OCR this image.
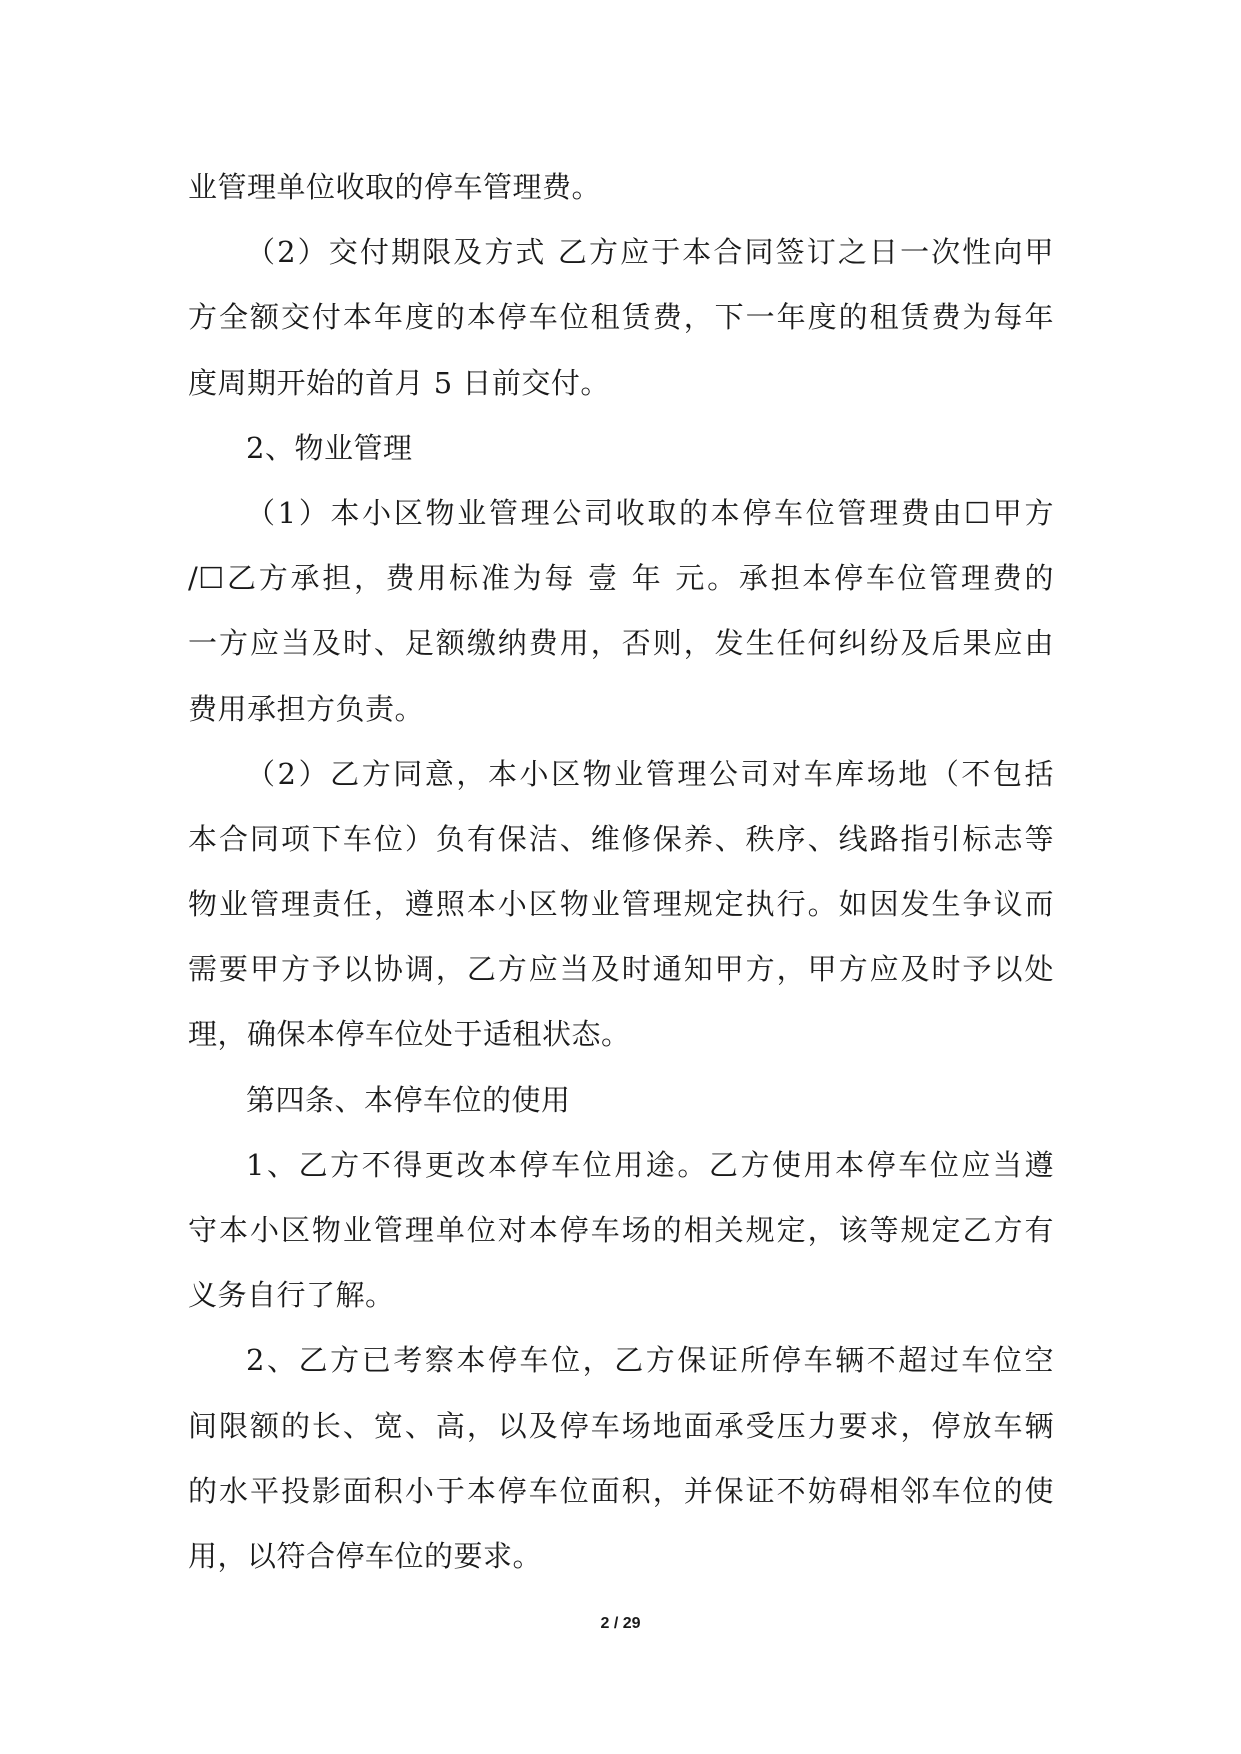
业管理单位收取的停车管理费。
（2）交付期限及方式 乙方应于本合同签订之日一次性向甲
方全额交付本年度的本停车位租赁费，下一年度的租赁费为每年
度周期开始的首月 5 日前交付。
2、物业管理
（1）本小区物业管理公司收取的本停车位管理费由☐甲方
/☐乙方承担，费用标准为每 壹 年 元。承担本停车位管理费的
一方应当及时、足额缴纳费用，否则，发生任何纠纷及后果应由
费用承担方负责。
（2）乙方同意，本小区物业管理公司对车库场地（不包括
本合同项下车位）负有保洁、维修保养、秩序、线路指引标志等
物业管理责任，遵照本小区物业管理规定执行。如因发生争议而
需要甲方予以协调，乙方应当及时通知甲方，甲方应及时予以处
理，确保本停车位处于适租状态。
第四条、本停车位的使用
1、乙方不得更改本停车位用途。乙方使用本停车位应当遵
守本小区物业管理单位对本停车场的相关规定，该等规定乙方有
义务自行了解。
2、乙方已考察本停车位，乙方保证所停车辆不超过车位空
间限额的长、宽、高，以及停车场地面承受压力要求，停放车辆
的水平投影面积小于本停车位面积，并保证不妨碍相邻车位的使
用，以符合停车位的要求。
2 / 29
